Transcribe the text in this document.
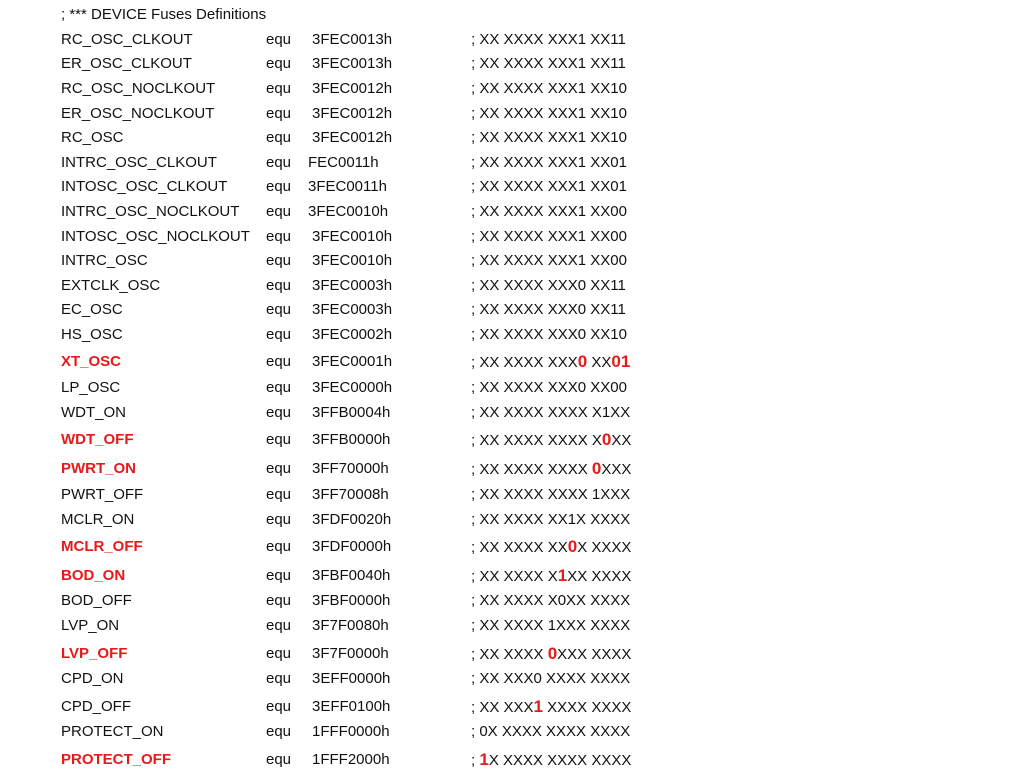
; *** DEVICE Fuses Definitions
RC_OSC_CLKOUT	equ 3FEC0013h	; XX XXXX XXX1 XX11
ER_OSC_CLKOUT	equ 3FEC0013h	; XX XXXX XXX1 XX11
RC_OSC_NOCLKOUT	equ 3FEC0012h	; XX XXXX XXX1 XX10
ER_OSC_NOCLKOUT	equ 3FEC0012h	; XX XXXX XXX1 XX10
RC_OSC	equ 3FEC0012h	; XX XXXX XXX1 XX10
INTRC_OSC_CLKOUT	equ FEC0011h	; XX XXXX XXX1 XX01
INTOSC_OSC_CLKOUT	equ 3FEC0011h	; XX XXXX XXX1 XX01
INTRC_OSC_NOCLKOUT equ 3FEC0010h	; XX XXXX XXX1 XX00
INTOSC_OSC_NOCLKOUT equ 3FEC0010h	; XX XXXX XXX1 XX00
INTRC_OSC	equ 3FEC0010h	; XX XXXX XXX1 XX00
EXTCLK_OSC	equ 3FEC0003h	; XX XXXX XXX0 XX11
EC_OSC	equ 3FEC0003h	; XX XXXX XXX0 XX11
HS_OSC	equ 3FEC0002h	; XX XXXX XXX0 XX10
XT_OSC	equ 3FEC0001h	; XX XXXX XXX0 XX01
LP_OSC	equ 3FEC0000h	; XX XXXX XXX0 XX00
WDT_ON	equ 3FFB0004h	; XX XXXX XXXX X1XX
WDT_OFF	equ 3FFB0000h	; XX XXXX XXXX X0XX
PWRT_ON	equ 3FF70000h	; XX XXXX XXXX 0XXX
PWRT_OFF	equ 3FF70008h	; XX XXXX XXXX 1XXX
MCLR_ON	equ 3FDF0020h	; XX XXXX XX1X XXXX
MCLR_OFF	equ 3FDF0000h	; XX XXXX XX0X XXXX
BOD_ON	equ 3FBF0040h	; XX XXXX X1XX XXXX
BOD_OFF	equ 3FBF0000h	; XX XXXX X0XX XXXX
LVP_ON	equ 3F7F0080h	; XX XXXX 1XXX XXXX
LVP_OFF	equ 3F7F0000h	; XX XXXX 0XXX XXXX
CPD_ON	equ 3EFF0000h	; XX XXX0 XXXX XXXX
CPD_OFF	equ 3EFF0100h	; XX XXX1 XXXX XXXX
PROTECT_ON	equ 1FFF0000h	; 0X XXXX XXXX XXXX
PROTECT_OFF	equ 1FFF2000h	; 1X XXXX XXXX XXXX
